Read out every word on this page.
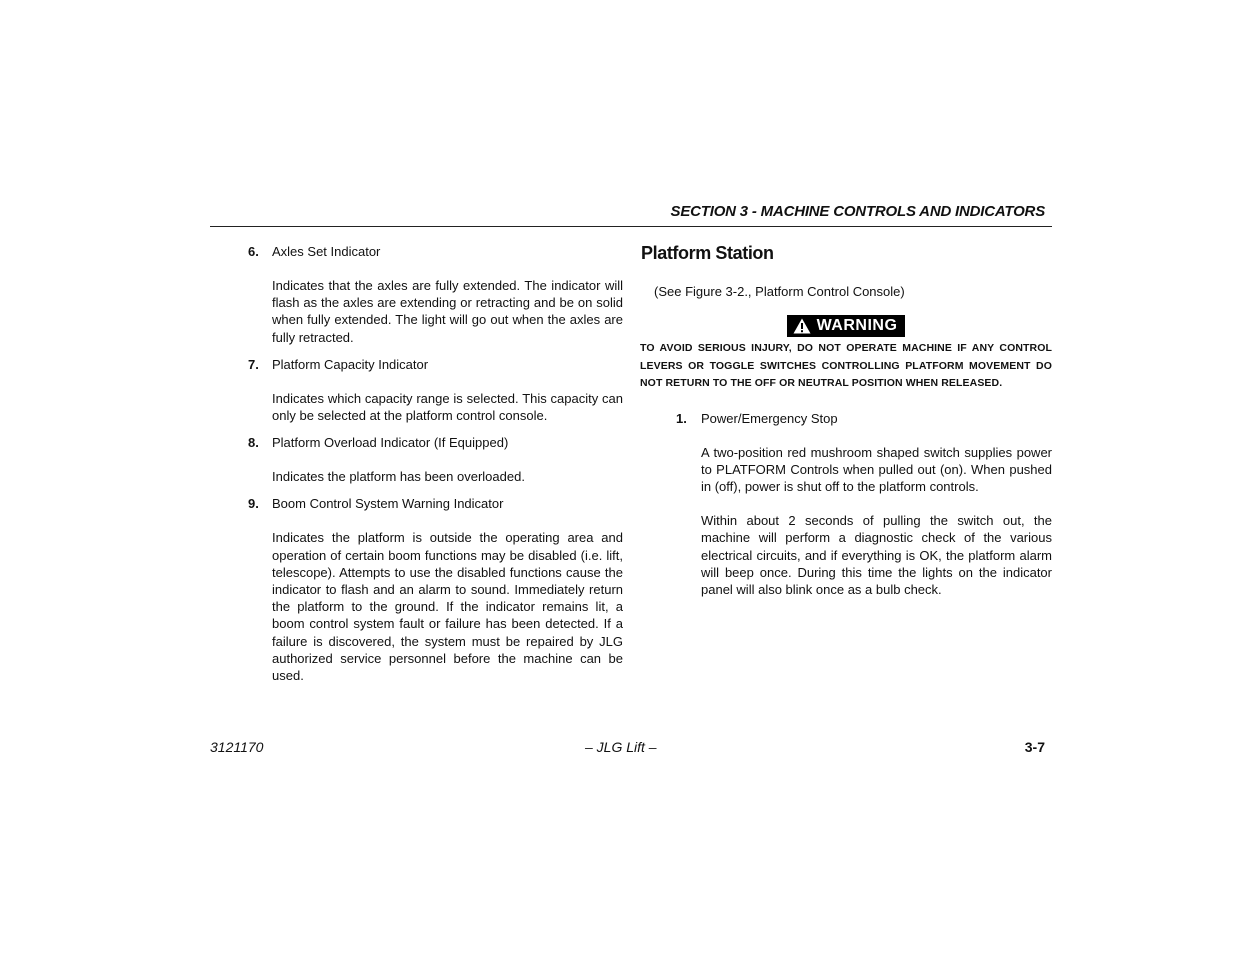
SECTION 3 - MACHINE CONTROLS AND INDICATORS
6.	Axles Set Indicator
Indicates that the axles are fully extended. The indicator will flash as the axles are extending or retracting and be on solid when fully extended. The light will go out when the axles are fully retracted.
7.	Platform Capacity Indicator
Indicates which capacity range is selected. This capacity can only be selected at the platform control console.
8.	Platform Overload Indicator (If Equipped)
Indicates the platform has been overloaded.
9.	Boom Control System Warning Indicator
Indicates the platform is outside the operating area and operation of certain boom functions may be disabled (i.e. lift, telescope). Attempts to use the disabled functions cause the indicator to flash and an alarm to sound. Immediately return the platform to the ground. If the indicator remains lit, a boom control system fault or failure has been detected. If a failure is discovered, the system must be repaired by JLG authorized service personnel before the machine can be used.
Platform Station
(See Figure 3-2., Platform Control Console)
WARNING
TO AVOID SERIOUS INJURY, DO NOT OPERATE MACHINE IF ANY CONTROL LEVERS OR TOGGLE SWITCHES CONTROLLING PLATFORM MOVEMENT DO NOT RETURN TO THE OFF OR NEUTRAL POSITION WHEN RELEASED.
1.	Power/Emergency Stop
A two-position red mushroom shaped switch supplies power to PLATFORM Controls when pulled out (on). When pushed in (off), power is shut off to the platform controls.
Within about 2 seconds of pulling the switch out, the machine will perform a diagnostic check of the various electrical circuits, and if everything is OK, the platform alarm will beep once. During this time the lights on the indicator panel will also blink once as a bulb check.
3121170	– JLG Lift –	3-7
